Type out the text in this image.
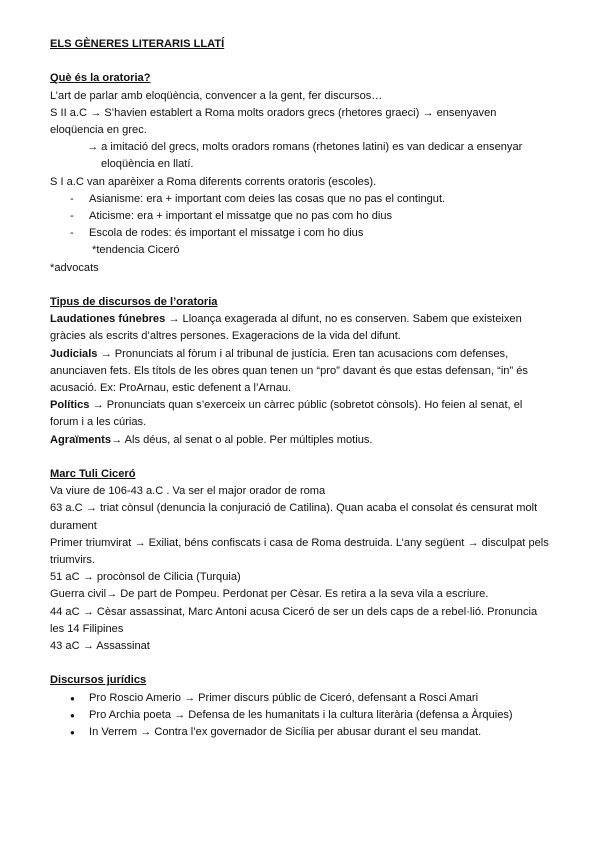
ELS GÈNERES LITERARIS LLATÍ

Què és la oratoria?

L’art de parlar amb eloqüència, convencer a la gent, fer discursos…

S II a.C → S’havien establert a Roma molts oradors grecs (rhetores graeci) → ensenyaven eloqüencia en grec.

→ a imitació del grecs, molts oradors romans (rhetones latini) es van dedicar a ensenyar eloqüència en llatí.

S I a.C van aparèixer a Roma diferents corrents oratoris (escoles).

- Asianisme: era + important com deies las cosas que no pas el contingut.
- Aticisme: era + important el missatge que no pas com ho dius
- Escola de rodes: és important el missatge i com ho dius

*tendencia Ciceró

*advocats

Tipus de discursos de l’oratoria

Laudationes fúnebres → Lloança exagerada al difunt, no es conserven. Sabem que existeixen gràcies als escrits d’altres persones. Exageracions de la vida del difunt.

Judicials → Pronunciats al fòrum i al tribunal de justícia. Eren tan acusacions com defenses, anunciaven fets. Els títols de les obres quan tenen un “pro” davant és que estas defensan, “in” és acusació. Ex: ProArnau, estic defenent a l’Arnau.

Polítics → Pronunciats quan s’exerceix un càrrec públic (sobretot cònsols). Ho feien al senat, el forum i a les cúrias.

Agraïments→ Als déus, al senat o al poble. Per múltiples motius.

Marc Tuli Ciceró

Va viure de 106-43 a.C . Va ser el major orador de roma

63 a.C → triat cònsul (denuncia la conjuració de Catilina). Quan acaba el consolat és censurat molt durament

Primer triumvirat → Exiliat, béns confiscats i casa de Roma destruida. L’any següent → disculpat pels triumvirs.

51 aC → procònsol de Cilicia (Turquia)

Guerra civil→ De part de Pompeu. Perdonat per Cèsar. Es retira a la seva vila a escriure.

44 aC → Cèsar assassinat, Marc Antoni acusa Ciceró de ser un dels caps de a rebel·lió. Pronuncia les 14 Filipines

43 aC → Assassinat

Discursos jurídics

● Pro Roscio Amerio → Primer discurs públic de Ciceró, defensant a Rosci Amari
● Pro Archia poeta → Defensa de les humanitats i la cultura literària (defensa a Àrquies)
● In Verrem → Contra l’ex governador de Sicília per abusar durant el seu mandat.
